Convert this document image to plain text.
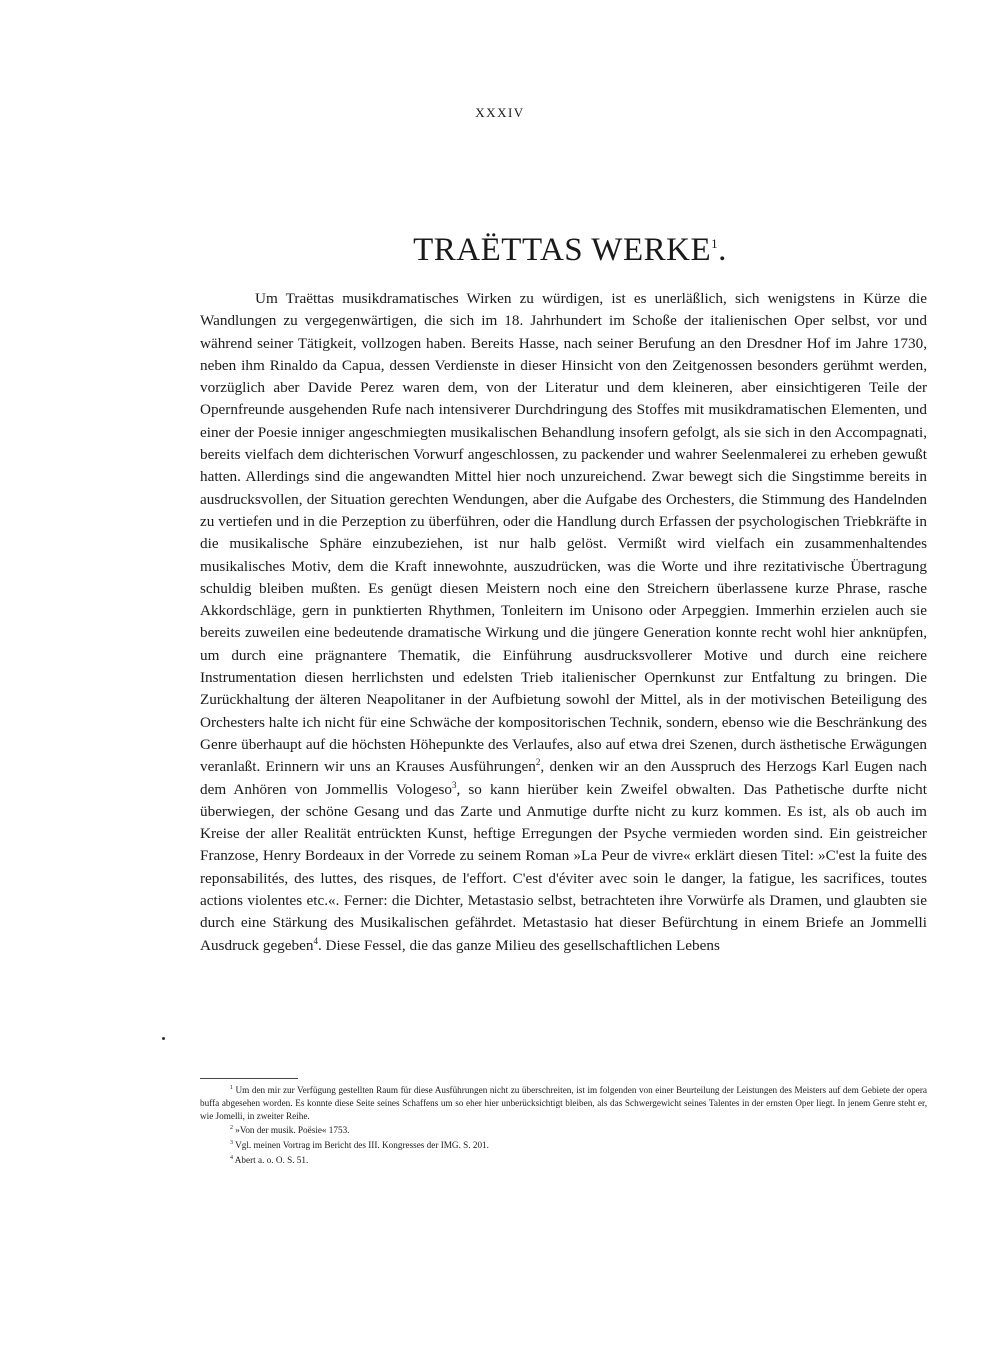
XXXIV
TRAËTTAS WERKE$^1$.

Um Traëttas musikdramatisches Wirken zu würdigen, ist es unerläßlich, sich wenigstens in Kürze die Wandlungen zu vergegenwärtigen, die sich im 18. Jahrhundert im Schoße der italienischen Oper selbst, vor und während seiner Tätigkeit, vollzogen haben. Bereits Hasse, nach seiner Berufung an den Dresdner Hof im Jahre 1730, neben ihm Rinaldo da Capua, dessen Verdienste in dieser Hinsicht von den Zeitgenossen besonders gerühmt werden, vorzüglich aber Davide Perez waren dem, von der Literatur und dem kleineren, aber einsichtigeren Teile der Opernfreunde ausgehenden Rufe nach intensiverer Durchdringung des Stoffes mit musikdramatischen Elementen, und einer der Poesie inniger angeschmiegten musikalischen Behandlung insofern gefolgt, als sie sich in den Accompagnati, bereits vielfach dem dichterischen Vorwurf angeschlossen, zu packender und wahrer Seelenmalerei zu erheben gewußt hatten. Allerdings sind die angewandten Mittel hier noch unzureichend. Zwar bewegt sich die Singstimme bereits in ausdrucksvollen, der Situation gerechten Wendungen, aber die Aufgabe des Orchesters, die Stimmung des Handelnden zu vertiefen und in die Perzeption zu überführen, oder die Handlung durch Erfassen der psychologischen Triebkräfte in die musikalische Sphäre einzubeziehen, ist nur halb gelöst. Vermißt wird vielfach ein zusammenhaltendes musikalisches Motiv, dem die Kraft innewohnte, auszudrücken, was die Worte und ihre rezitativische Übertragung schuldig bleiben mußten. Es genügt diesen Meistern noch eine den Streichern überlassene kurze Phrase, rasche Akkordschläge, gern in punktierten Rhythmen, Tonleitern im Unisono oder Arpeggien. Immerhin erzielen auch sie bereits zuweilen eine bedeutende dramatische Wirkung und die jüngere Generation konnte recht wohl hier anknüpfen, um durch eine prägnantere Thematik, die Einführung ausdrucksvollerer Motive und durch eine reichere Instrumentation diesen herrlichsten und edelsten Trieb italienischer Opernkunst zur Entfaltung zu bringen. Die Zurückhaltung der älteren Neapolitaner in der Aufbietung sowohl der Mittel, als in der motivischen Beteiligung des Orchesters halte ich nicht für eine Schwäche der kompositorischen Technik, sondern, ebenso wie die Beschränkung des Genre überhaupt auf die höchsten Höhepunkte des Verlaufes, also auf etwa drei Szenen, durch ästhetische Erwägungen veranlaßt. Erinnern wir uns an Krauses Ausführungen$^2$, denken wir an den Ausspruch des Herzogs Karl Eugen nach dem Anhören von Jommellis Vologeso$^3$, so kann hierüber kein Zweifel obwalten. Das Pathetische durfte nicht überwiegen, der schöne Gesang und das Zarte und Anmutige durfte nicht zu kurz kommen. Es ist, als ob auch im Kreise der aller Realität entrückten Kunst, heftige Erregungen der Psyche vermieden worden sind. Ein geistreicher Franzose, Henry Bordeaux in der Vorrede zu seinem Roman »La Peur de vivre« erklärt diesen Titel: »C'est la fuite des reponsabilités, des luttes, des risques, de l'effort. C'est d'éviter avec soin le danger, la fatigue, les sacrifices, toutes actions violentes etc.«. Ferner: die Dichter, Metastasio selbst, betrachteten ihre Vorwürfe als Dramen, und glaubten sie durch eine Stärkung des Musikalischen gefährdet. Metastasio hat dieser Befürchtung in einem Briefe an Jommelli Ausdruck gegeben$^4$. Diese Fessel, die das ganze Milieu des gesellschaftlichen Lebens

$^1$ Um den mir zur Verfügung gestellten Raum für diese Ausführungen nicht zu überschreiten, ist im folgenden von einer Beurteilung der Leistungen des Meisters auf dem Gebiete der opera buffa abgesehen worden. Es konnte diese Seite seines Schaffens um so eher hier unberücksichtigt bleiben, als das Schwergewicht seines Talentes in der ernsten Oper liegt. In jenem Genre steht er, wie Jomelli, in zweiter Reihe.

$^2$ »Von der musik. Poësie« 1753.

$^3$ Vgl. meinen Vortrag im Bericht des III. Kongresses der IMG. S. 201.

$^4$ Abert a. o. O. S. 51.
